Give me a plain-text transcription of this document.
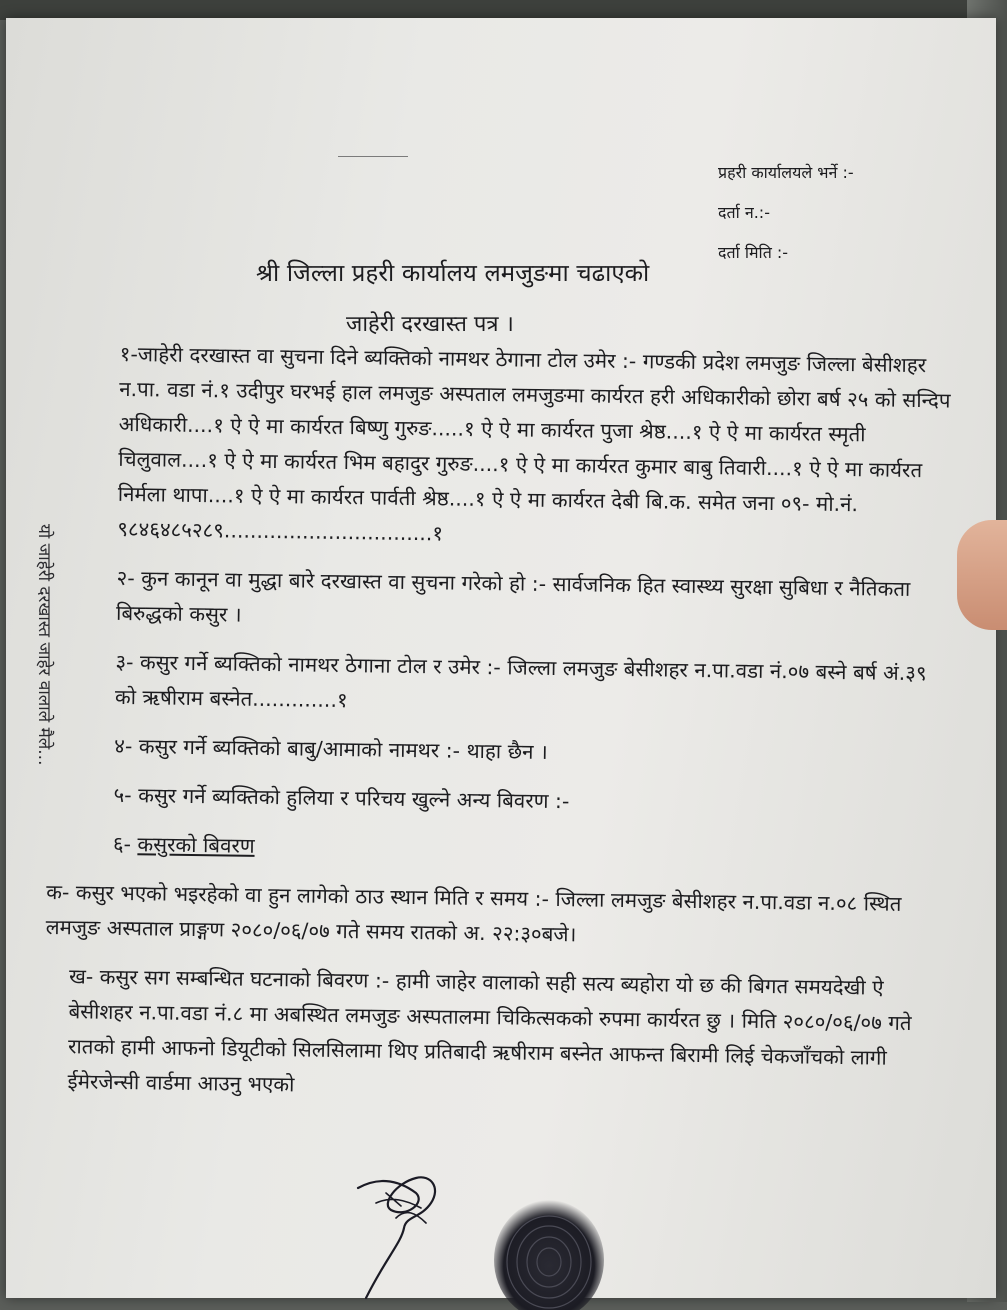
प्रहरी कार्यालयले भर्ने :-
दर्ता न.:-
दर्ता मिति :-
श्री जिल्ला प्रहरी कार्यालय लमजुङमा चढाएको
जाहेरी दरखास्त पत्र ।

१-जाहेरी दरखास्त वा सुचना दिने ब्यक्तिको नामथर ठेगाना टोल उमेर :- गण्डकी प्रदेश लमजुङ जिल्ला बेसीशहर न.पा. वडा नं.१ उदीपुर घरभई हाल लमजुङ अस्पताल लमजुङमा कार्यरत हरी अधिकारीको छोरा बर्ष २५ को सन्दिप अधिकारी....१ ऐ ऐ मा कार्यरत बिष्णु गुरुङ.....१ ऐ ऐ मा कार्यरत पुजा श्रेष्ठ....१ ऐ ऐ मा कार्यरत स्मृती चिलुवाल....१ ऐ ऐ मा कार्यरत भिम बहादुर गुरुङ....१ ऐ ऐ मा कार्यरत कुमार बाबु तिवारी....१ ऐ ऐ मा कार्यरत निर्मला थापा....१ ऐ ऐ मा कार्यरत पार्वती श्रेष्ठ....१ ऐ ऐ मा कार्यरत देबी बि.क. समेत जना ०९- मो.नं. ९८४६४८५२८९................................१

२- कुन कानून वा मुद्धा बारे दरखास्त वा सुचना गरेको हो :- सार्वजनिक हित स्वास्थ्य सुरक्षा सुबिधा र नैतिकता बिरुद्धको कसुर ।

३- कसुर गर्ने ब्यक्तिको नामथर ठेगाना टोल र उमेर :- जिल्ला लमजुङ बेसीशहर न.पा.वडा नं.०७ बस्ने बर्ष अं.३९ को ऋषीराम बस्नेत.............१

४- कसुर गर्ने ब्यक्तिको बाबु/आमाको नामथर :- थाहा छैन ।

५- कसुर गर्ने ब्यक्तिको हुलिया र परिचय खुल्ने अन्य बिवरण :-

६- कसुरको बिवरण

क- कसुर भएको भइरहेको वा हुन लागेको ठाउ स्थान मिति र समय :- जिल्ला लमजुङ बेसीशहर न.पा.वडा न.०८ स्थित लमजुङ अस्पताल प्राङ्गण २०८०/०६/०७ गते समय रातको अ. २२:३०बजे।

ख- कसुर सग सम्बन्धित घटनाको बिवरण :- हामी जाहेर वालाको सही सत्य ब्यहोरा यो छ की बिगत समयदेखी ऐ बेसीशहर न.पा.वडा नं.८ मा अबस्थित लमजुङ अस्पतालमा चिकित्सकको रुपमा कार्यरत छु । मिति २०८०/०६/०७ गते रातको हामी आफनो डियूटीको सिलसिलामा थिए प्रतिबादी ऋषीराम बस्नेत आफन्त बिरामी लिई चेकजाँचको लागी ईमेरजेन्सी वार्डमा आउनु भएको

यो जाहेरी दरखास्त जाहेर वालाले मैले...
